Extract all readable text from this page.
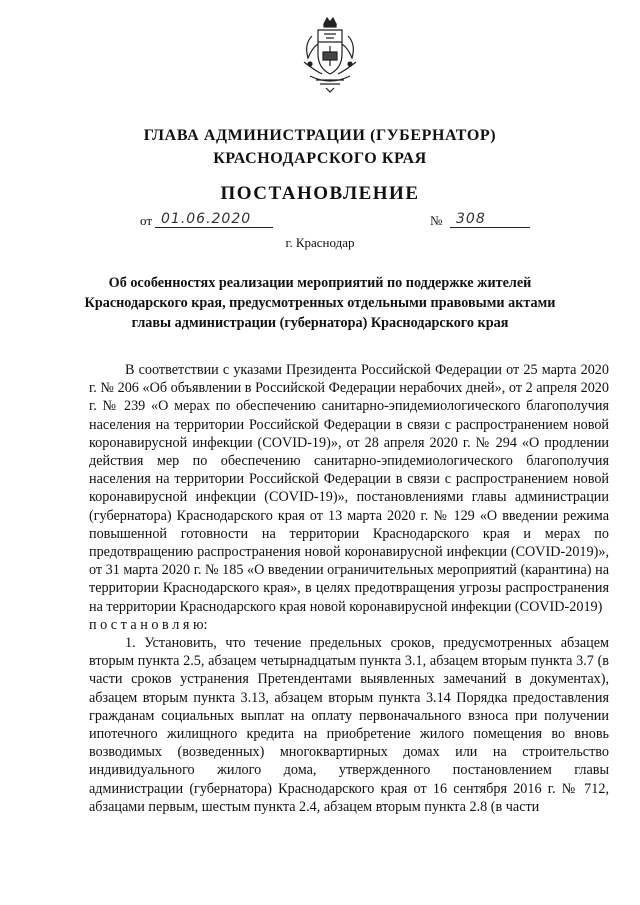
ГЛАВА АДМИНИСТРАЦИИ (ГУБЕРНАТОР)
КРАСНОДАРСКОГО КРАЯ
ПОСТАНОВЛЕНИЕ
от 01.06.2020	№ 308
г. Краснодар
Об особенностях реализации мероприятий по поддержке жителей Краснодарского края, предусмотренных отдельными правовыми актами главы администрации (губернатора) Краснодарского края

В соответствии с указами Президента Российской Федерации от 25 марта 2020 г. № 206 «Об объявлении в Российской Федерации нерабочих дней», от 2 апреля 2020 г. № 239 «О мерах по обеспечению санитарно-эпидемиологического благополучия населения на территории Российской Федерации в связи с распространением новой коронавирусной инфекции (COVID-19)», от 28 апреля 2020 г. № 294 «О продлении действия мер по обеспечению санитарно-эпидемиологического благополучия населения на территории Российской Федерации в связи с распространением новой коронавирусной инфекции (COVID-19)», постановлениями главы администрации (губернатора) Краснодарского края от 13 марта 2020 г. № 129 «О введении режима повышенной готовности на территории Краснодарского края и мерах по предотвращению распространения новой коронавирусной инфекции (COVID-2019)», от 31 марта 2020 г. № 185 «О введении ограничительных мероприятий (карантина) на территории Краснодарского края», в целях предотвращения угрозы распространения на территории Краснодарского края новой коронавирусной инфекции (COVID-2019)

п о с т а н о в л я ю:

1. Установить, что течение предельных сроков, предусмотренных абзацем вторым пункта 2.5, абзацем четырнадцатым пункта 3.1, абзацем вторым пункта 3.7 (в части сроков устранения Претендентами выявленных замечаний в документах), абзацем вторым пункта 3.13, абзацем вторым пункта 3.14 Порядка предоставления гражданам социальных выплат на оплату первоначального взноса при получении ипотечного жилищного кредита на приобретение жилого помещения во вновь возводимых (возведенных) многоквартирных домах или на строительство индивидуального жилого дома, утвержденного постановлением главы администрации (губернатора) Краснодарского края от 16 сентября 2016 г. № 712, абзацами первым, шестым пункта 2.4, абзацем вторым пункта 2.8 (в части
